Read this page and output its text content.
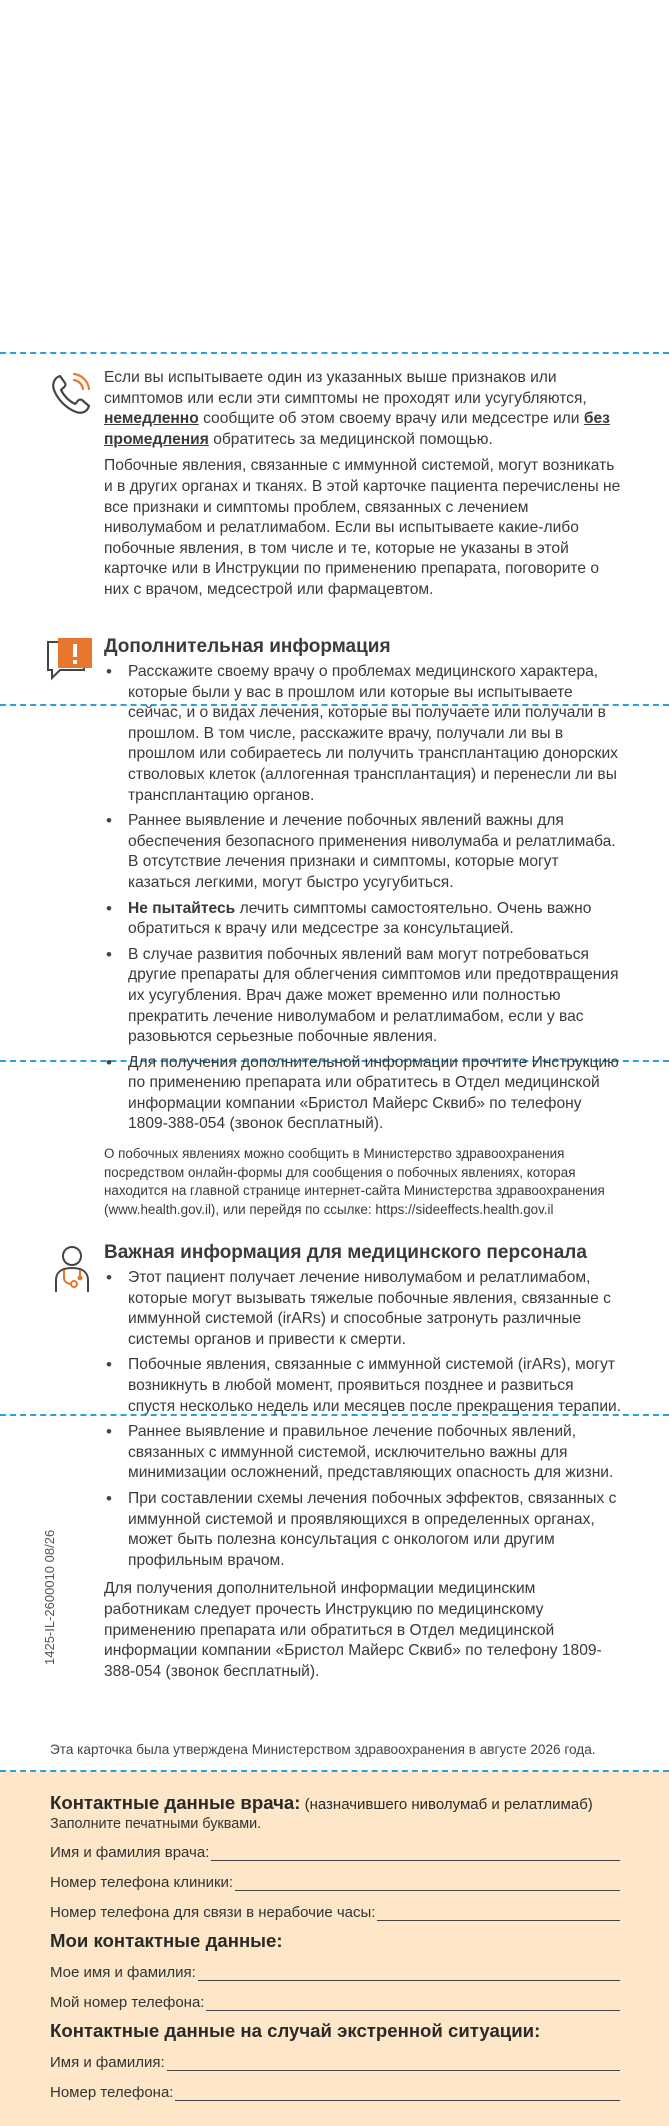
Если вы испытываете один из указанных выше признаков или симптомов или если эти симптомы не проходят или усугубляются, немедленно сообщите об этом своему врачу или медсестре или без промедления обратитесь за медицинской помощью.

Побочные явления, связанные с иммунной системой, могут возникать и в других органах и тканях. В этой карточке пациента перечислены не все признаки и симптомы проблем, связанных с лечением ниволумабом и релатлимабом. Если вы испытываете какие-либо побочные явления, в том числе и те, которые не указаны в этой карточке или в Инструкции по применению препарата, поговорите о них с врачом, медсестрой или фармацевтом.

Дополнительная информация

• Расскажите своему врачу о проблемах медицинского характера, которые были у вас в прошлом или которые вы испытываете сейчас, и о видах лечения, которые вы получаете или получали в прошлом. В том числе, расскажите врачу, получали ли вы в прошлом или собираетесь ли получить трансплантацию донорских стволовых клеток (аллогенная трансплантация) и перенесли ли вы трансплантацию органов.
• Раннее выявление и лечение побочных явлений важны для обеспечения безопасного применения ниволумаба и релатлимаба. В отсутствие лечения признаки и симптомы, которые могут казаться легкими, могут быстро усугубиться.
• Не пытайтесь лечить симптомы самостоятельно. Очень важно обратиться к врачу или медсестре за консультацией.
• В случае развития побочных явлений вам могут потребоваться другие препараты для облегчения симптомов или предотвращения их усугубления. Врач даже может временно или полностью прекратить лечение ниволумабом и релатлимабом, если у вас разовьются серьезные побочные явления.
• Для получения дополнительной информации прочтите Инструкцию по применению препарата или обратитесь в Отдел медицинской информации компании «Бристол Майерс Сквиб» по телефону 1809-388-054 (звонок бесплатный).

О побочных явлениях можно сообщить в Министерство здравоохранения посредством онлайн-формы для сообщения о побочных явлениях, которая находится на главной странице интернет-сайта Министерства здравоохранения (www.health.gov.il), или перейдя по ссылке: https://sideeffects.health.gov.il

Важная информация для медицинского персонала

• Этот пациент получает лечение ниволумабом и релатлимабом, которые могут вызывать тяжелые побочные явления, связанные с иммунной системой (irARs) и способные затронуть различные системы органов и привести к смерти.
• Побочные явления, связанные с иммунной системой (irARs), могут возникнуть в любой момент, проявиться позднее и развиться спустя несколько недель или месяцев после прекращения терапии.
• Раннее выявление и правильное лечение побочных явлений, связанных с иммунной системой, исключительно важны для минимизации осложнений, представляющих опасность для жизни.
• При составлении схемы лечения побочных эффектов, связанных с иммунной системой и проявляющихся в определенных органах, может быть полезна консультация с онкологом или другим профильным врачом.

Для получения дополнительной информации медицинским работникам следует прочесть Инструкцию по медицинскому применению препарата или обратиться в Отдел медицинской информации компании «Бристол Майерс Сквиб» по телефону 1809-388-054 (звонок бесплатный).

1425-IL-2600010 08/26
Эта карточка была утверждена Министерством здравоохранения в августе 2026 года.

Контактные данные врача: (назначившего ниволумаб и релатлимаб)

Заполните печатными буквами.

Имя и фамилия врача:
Номер телефона клиники:
Номер телефона для связи в нерабочие часы:

Мои контактные данные:

Мое имя и фамилия:
Мой номер телефона:

Контактные данные на случай экстренной ситуации:

Имя и фамилия:
Номер телефона:
